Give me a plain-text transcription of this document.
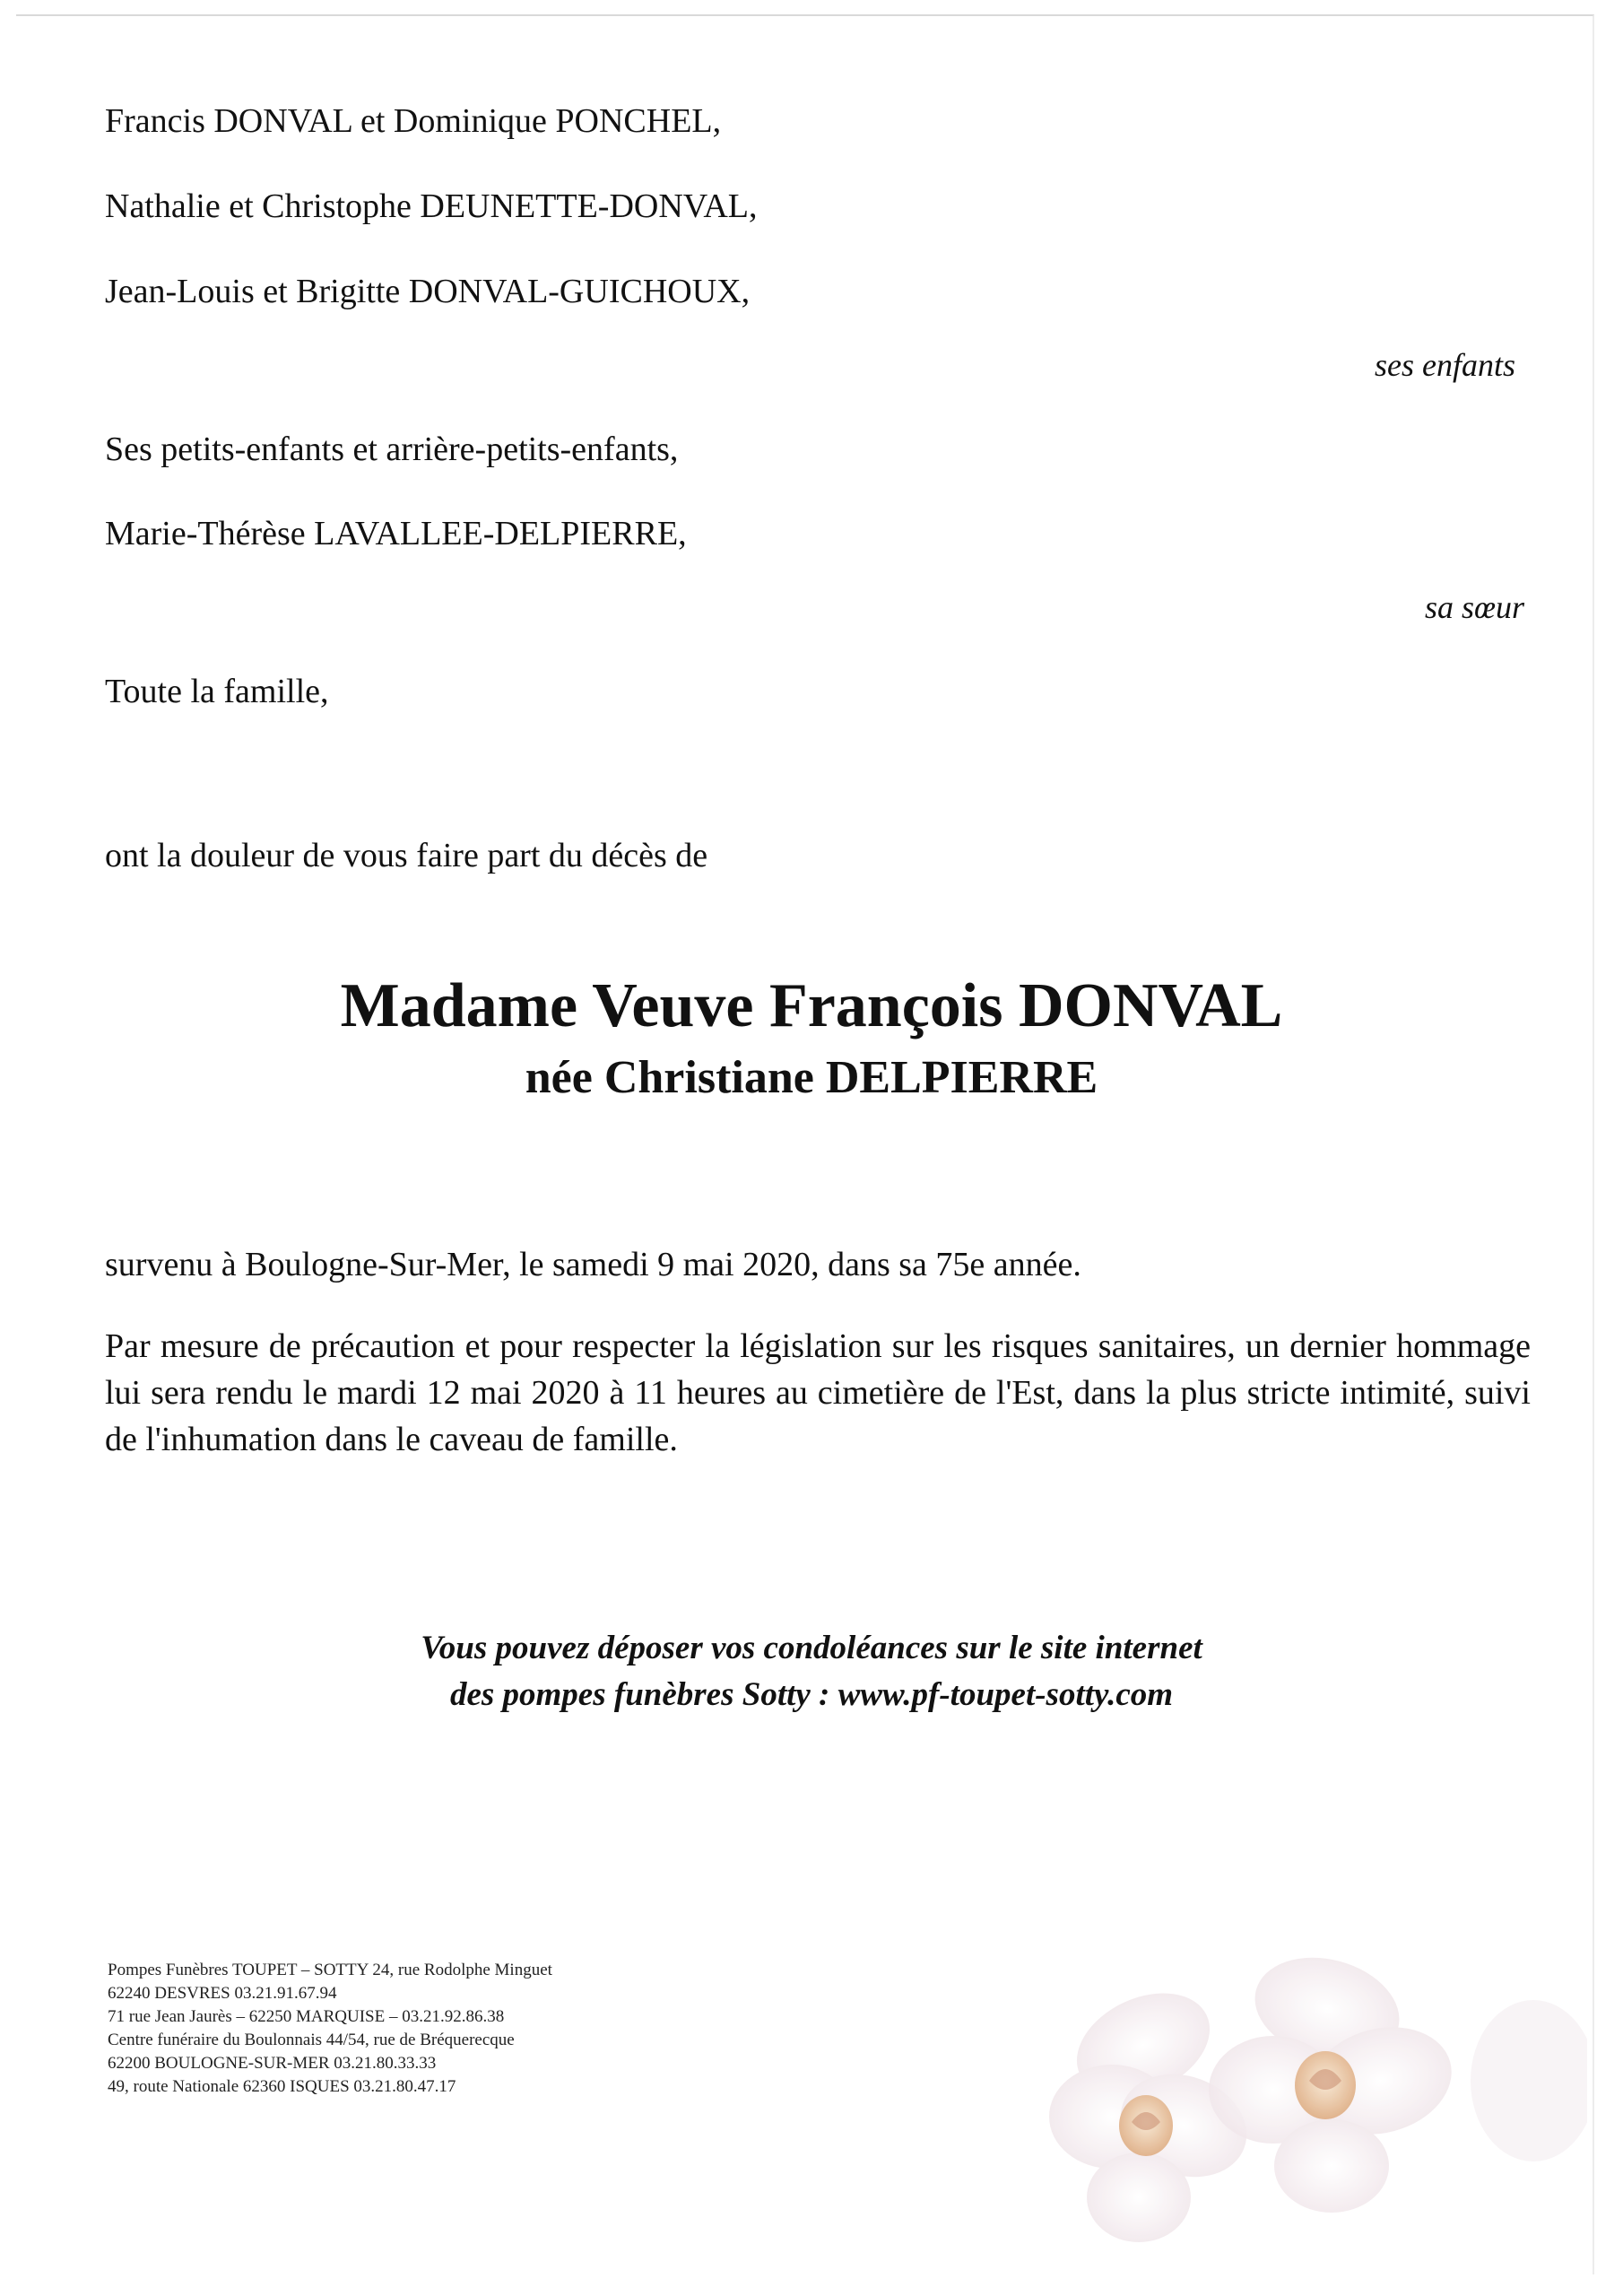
Francis DONVAL et Dominique PONCHEL,
Nathalie et Christophe DEUNETTE-DONVAL,
Jean-Louis et Brigitte DONVAL-GUICHOUX,
ses enfants
Ses petits-enfants et arrière-petits-enfants,
Marie-Thérèse LAVALLEE-DELPIERRE,
sa sœur
Toute la famille,
ont la douleur de vous faire part du décès de
Madame Veuve François DONVAL
née Christiane DELPIERRE
survenu à Boulogne-Sur-Mer, le samedi 9 mai 2020, dans sa 75e année.
Par mesure de précaution et pour respecter la législation sur les risques sanitaires, un dernier hommage lui sera rendu le mardi 12 mai 2020 à 11 heures au cimetière de l'Est, dans la plus stricte intimité, suivi de l'inhumation dans le caveau de famille.
Vous pouvez déposer vos condoléances sur le site internet
des pompes funèbres Sotty : www.pf-toupet-sotty.com
Pompes Funèbres TOUPET – SOTTY 24, rue Rodolphe Minguet
62240 DESVRES 03.21.91.67.94
71 rue Jean Jaurès – 62250 MARQUISE – 03.21.92.86.38
Centre funéraire du Boulonnais 44/54, rue de Bréquerecque
62200 BOULOGNE-SUR-MER 03.21.80.33.33
49, route Nationale 62360 ISQUES 03.21.80.47.17
